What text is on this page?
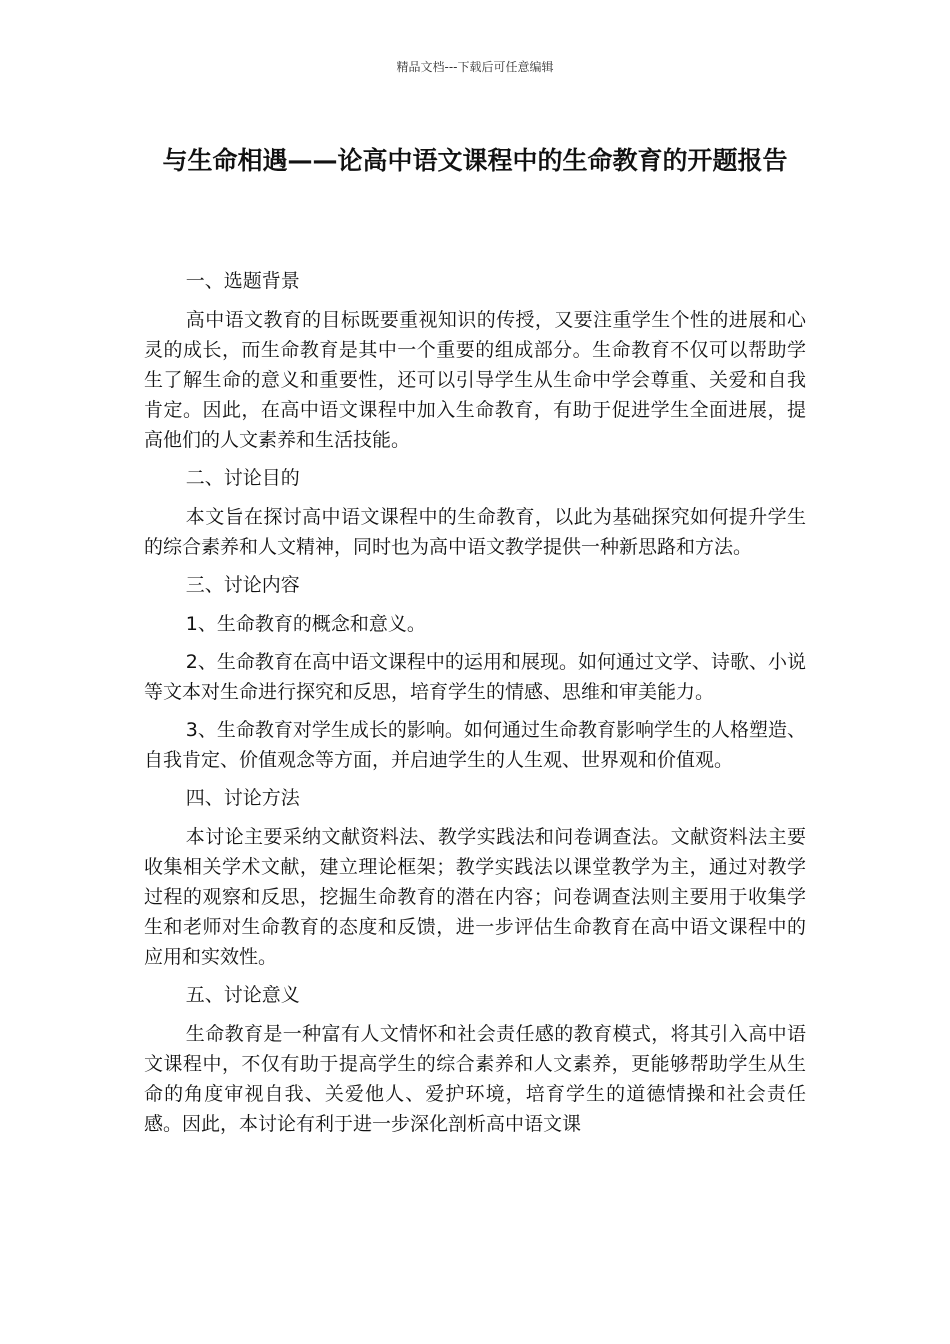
精品文档---下载后可任意编辑
与生命相遇——论高中语文课程中的生命教育的开题报告

一、选题背景

高中语文教育的目标既要重视知识的传授，又要注重学生个性的进展和心灵的成长，而生命教育是其中一个重要的组成部分。生命教育不仅可以帮助学生了解生命的意义和重要性，还可以引导学生从生命中学会尊重、关爱和自我肯定。因此，在高中语文课程中加入生命教育，有助于促进学生全面进展，提高他们的人文素养和生活技能。

二、讨论目的

本文旨在探讨高中语文课程中的生命教育，以此为基础探究如何提升学生的综合素养和人文精神，同时也为高中语文教学提供一种新思路和方法。

三、讨论内容

1、生命教育的概念和意义。

2、生命教育在高中语文课程中的运用和展现。如何通过文学、诗歌、小说等文本对生命进行探究和反思，培育学生的情感、思维和审美能力。

3、生命教育对学生成长的影响。如何通过生命教育影响学生的人格塑造、自我肯定、价值观念等方面，并启迪学生的人生观、世界观和价值观。

四、讨论方法

本讨论主要采纳文献资料法、教学实践法和问卷调查法。文献资料法主要收集相关学术文献，建立理论框架；教学实践法以课堂教学为主，通过对教学过程的观察和反思，挖掘生命教育的潜在内容；问卷调查法则主要用于收集学生和老师对生命教育的态度和反馈，进一步评估生命教育在高中语文课程中的应用和实效性。

五、讨论意义

生命教育是一种富有人文情怀和社会责任感的教育模式，将其引入高中语文课程中，不仅有助于提高学生的综合素养和人文素养，更能够帮助学生从生命的角度审视自我、关爱他人、爱护环境，培育学生的道德情操和社会责任感。因此，本讨论有利于进一步深化剖析高中语文课
